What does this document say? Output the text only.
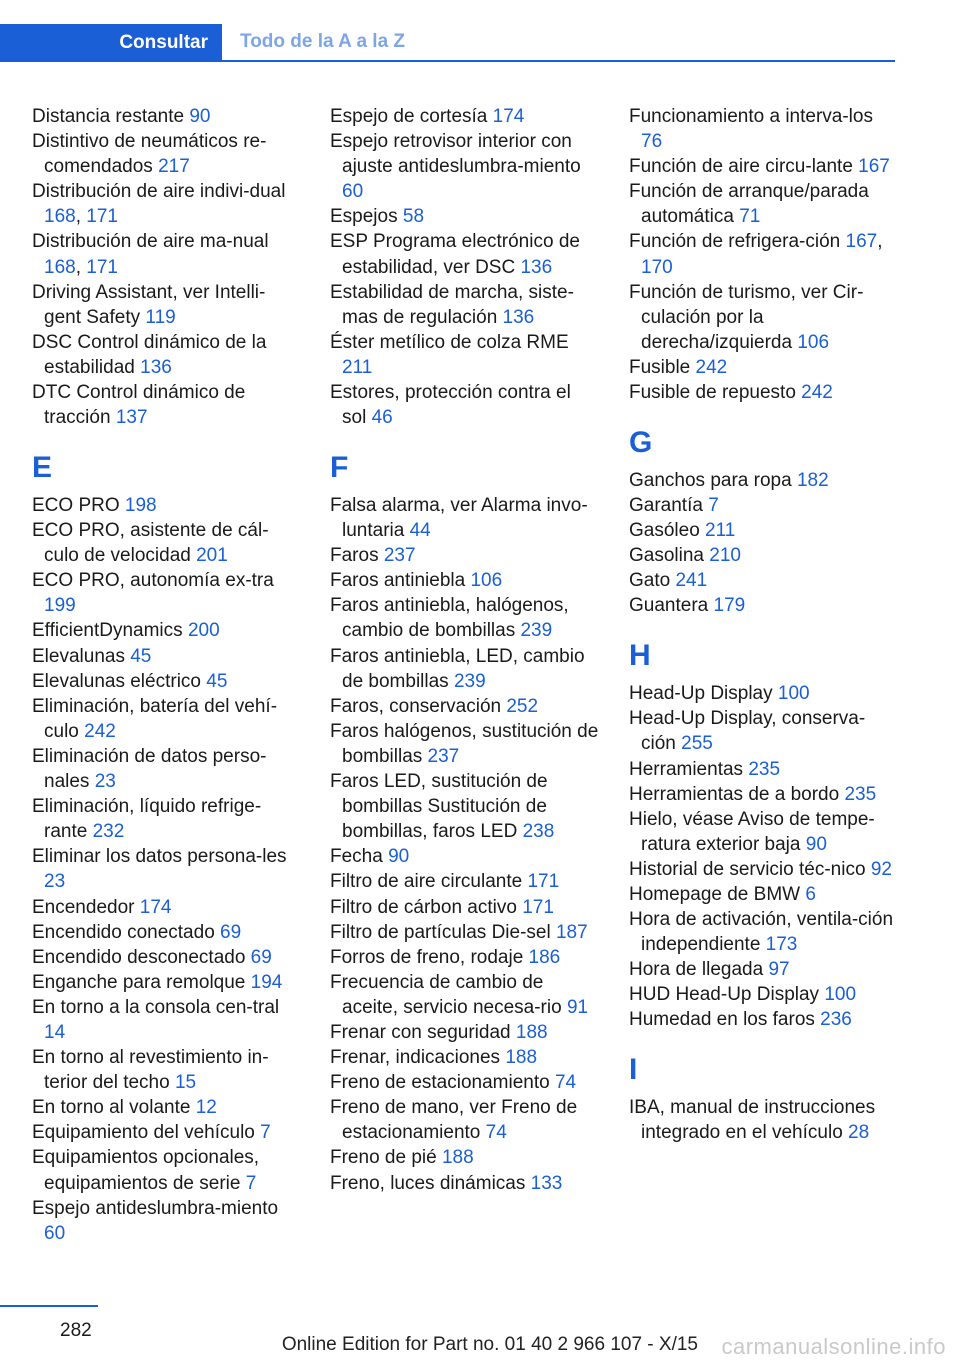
Consultar	Todo de la A a la Z

Distancia restante 90

Distintivo de neumáticos re-comendados 217

Distribución de aire indivi-dual 168, 171

Distribución de aire ma-nual 168, 171

Driving Assistant, ver Intelli-gent Safety 119

DSC Control dinámico de la estabilidad 136

DTC Control dinámico de tracción 137

E

ECO PRO 198

ECO PRO, asistente de cál-culo de velocidad 201

ECO PRO, autonomía ex-tra 199

EfficientDynamics 200

Elevalunas 45

Elevalunas eléctrico 45

Eliminación, batería del vehí-culo 242

Eliminación de datos perso-nales 23

Eliminación, líquido refrige-rante 232

Eliminar los datos persona-les 23

Encendedor 174

Encendido conectado 69

Encendido desconectado 69

Enganche para remolque 194

En torno a la consola cen-tral 14

En torno al revestimiento in-terior del techo 15

En torno al volante 12

Equipamiento del vehículo 7

Equipamientos opcionales, equipamientos de serie 7

Espejo antideslumbra-miento 60

Espejo de cortesía 174

Espejo retrovisor interior con ajuste antideslumbra-miento 60

Espejos 58

ESP Programa electrónico de estabilidad, ver DSC 136

Estabilidad de marcha, siste-mas de regulación 136

Éster metílico de colza RME 211

Estores, protección contra el sol 46

F

Falsa alarma, ver Alarma invo-luntaria 44

Faros 237

Faros antiniebla 106

Faros antiniebla, halógenos, cambio de bombillas 239

Faros antiniebla, LED, cambio de bombillas 239

Faros, conservación 252

Faros halógenos, sustitución de bombillas 237

Faros LED, sustitución de bombillas Sustitución de bombillas, faros LED 238

Fecha 90

Filtro de aire circulante 171

Filtro de cárbon activo 171

Filtro de partículas Die-sel 187

Forros de freno, rodaje 186

Frecuencia de cambio de aceite, servicio necesa-rio 91

Frenar con seguridad 188

Frenar, indicaciones 188

Freno de estacionamiento 74

Freno de mano, ver Freno de estacionamiento 74

Freno de pié 188

Freno, luces dinámicas 133

Funcionamiento a interva-los 76

Función de aire circu-lante 167

Función de arranque/parada automática 71

Función de refrigera-ción 167, 170

Función de turismo, ver Cir-culación por la derecha/izquierda 106

Fusible 242

Fusible de repuesto 242

G

Ganchos para ropa 182

Garantía 7

Gasóleo 211

Gasolina 210

Gato 241

Guantera 179

H

Head-Up Display 100

Head-Up Display, conserva-ción 255

Herramientas 235

Herramientas de a bordo 235

Hielo, véase Aviso de tempe-ratura exterior baja 90

Historial de servicio téc-nico 92

Homepage de BMW 6

Hora de activación, ventila-ción independiente 173

Hora de llegada 97

HUD Head-Up Display 100

Humedad en los faros 236

I

IBA, manual de instrucciones integrado en el vehículo 28

282
Online Edition for Part no. 01 40 2 966 107 - X/15 carmanualsonline.info
